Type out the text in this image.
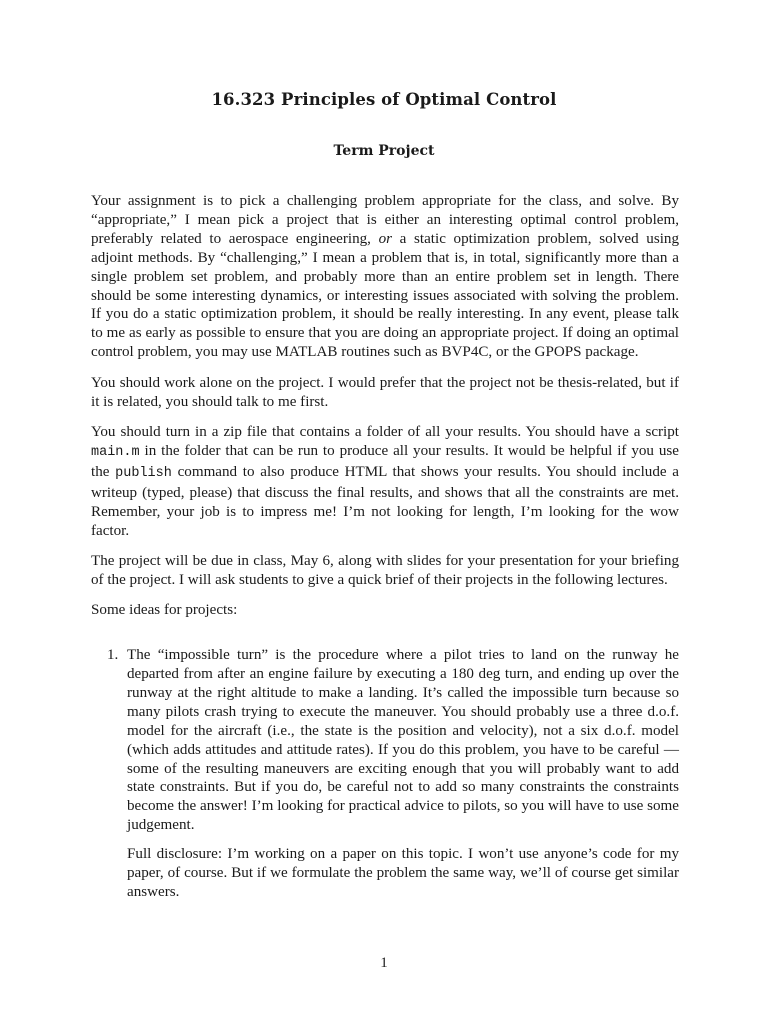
16.323 Principles of Optimal Control
Term Project

Your assignment is to pick a challenging problem appropriate for the class, and solve. By “appropriate,” I mean pick a project that is either an interesting optimal control problem, preferably related to aerospace engineering, or a static optimization problem, solved using adjoint methods. By “challenging,” I mean a problem that is, in total, significantly more than a single problem set problem, and probably more than an entire problem set in length. There should be some interesting dynamics, or interesting issues associated with solving the problem. If you do a static optimization problem, it should be really interesting. In any event, please talk to me as early as possible to ensure that you are doing an appropriate project. If doing an optimal control problem, you may use MATLAB routines such as BVP4C, or the GPOPS package.

You should work alone on the project. I would prefer that the project not be thesis-related, but if it is related, you should talk to me first.

You should turn in a zip file that contains a folder of all your results. You should have a script main.m in the folder that can be run to produce all your results. It would be helpful if you use the publish command to also produce HTML that shows your results. You should include a writeup (typed, please) that discuss the final results, and shows that all the constraints are met. Remember, your job is to impress me! I’m not looking for length, I’m looking for the wow factor.

The project will be due in class, May 6, along with slides for your presentation for your briefing of the project. I will ask students to give a quick brief of their projects in the following lectures.

Some ideas for projects:

1. The “impossible turn” is the procedure where a pilot tries to land on the runway he departed from after an engine failure by executing a 180 deg turn, and ending up over the runway at the right altitude to make a landing. It’s called the impossible turn because so many pilots crash trying to execute the maneuver. You should probably use a three d.o.f. model for the aircraft (i.e., the state is the position and velocity), not a six d.o.f. model (which adds attitudes and attitude rates). If you do this problem, you have to be careful — some of the resulting maneuvers are exciting enough that you will probably want to add state constraints. But if you do, be careful not to add so many constraints the constraints become the answer! I’m looking for practical advice to pilots, so you will have to use some judgement.

Full disclosure: I’m working on a paper on this topic. I won’t use anyone’s code for my paper, of course. But if we formulate the problem the same way, we’ll of course get similar answers.

1
